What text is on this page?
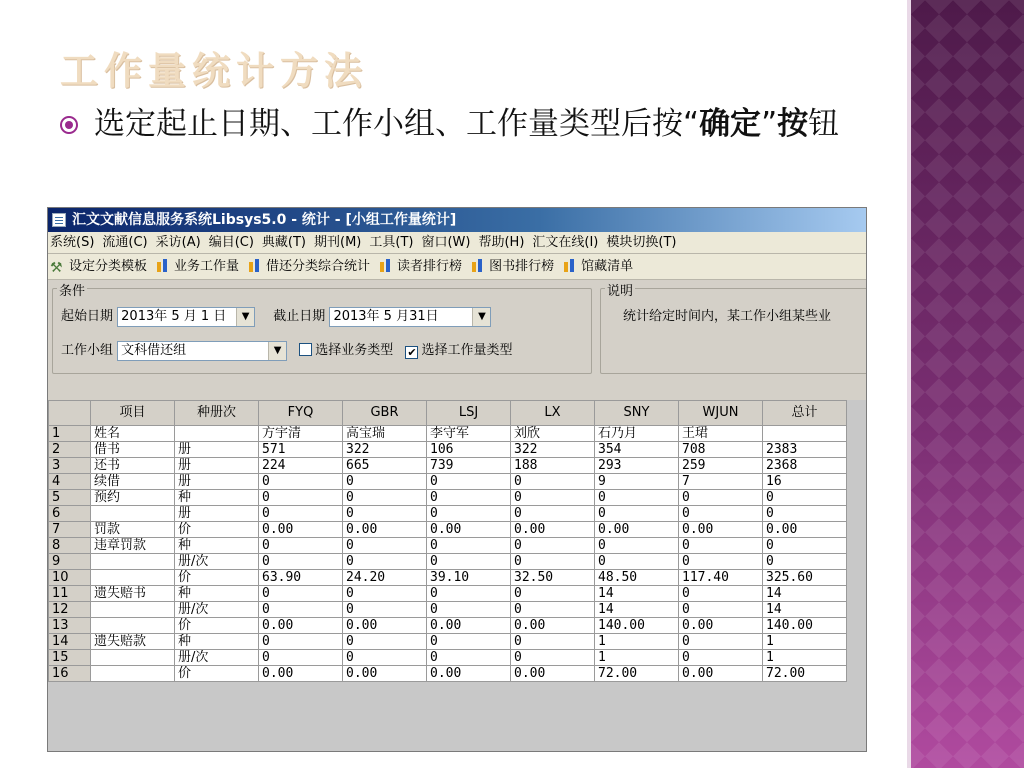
工作量统计方法
选定起止日期、工作小组、工作量类型后按“确定”按钮
汇文文献信息服务系统Libsys5.0 - 统计 - [小组工作量统计]
系统(S) 流通(C) 采访(A) 编目(C) 典藏(T) 期刊(M) 工具(T) 窗口(W) 帮助(H) 汇文在线(I) 模块切换(T)
⚒ 设定分类模板 业务工作量 借还分类综合统计 读者排行榜 图书排行榜 馆藏清单
条件
起始日期 2013年 5 月 1 日	▼	截止日期 2013年 5 月31日	▼
工作小组 文科借还组	▼	选择业务类型 ✔ 选择工作量类型
说明
统计给定时间内，某工作小组某些业
	项目	种册次	FYQ	GBR	LSJ	LX	SNY	WJUN	总计
1	姓名		方宇清	高宝瑞	李守军	刘欣	石乃月	王珺	
2	借书	册	571	322	106	322	354	708	2383
3	还书	册	224	665	739	188	293	259	2368
4	续借	册	0	0	0	0	9	7	16
5	预约	种	0	0	0	0	0	0	0
6		册	0	0	0	0	0	0	0
7	罚款	价	0.00	0.00	0.00	0.00	0.00	0.00	0.00
8	违章罚款	种	0	0	0	0	0	0	0
9		册/次	0	0	0	0	0	0	0
10		价	63.90	24.20	39.10	32.50	48.50	117.40	325.60
11	遗失赔书	种	0	0	0	0	14	0	14
12		册/次	0	0	0	0	14	0	14
13		价	0.00	0.00	0.00	0.00	140.00	0.00	140.00
14	遗失赔款	种	0	0	0	0	1	0	1
15		册/次	0	0	0	0	1	0	1
16		价	0.00	0.00	0.00	0.00	72.00	0.00	72.00
